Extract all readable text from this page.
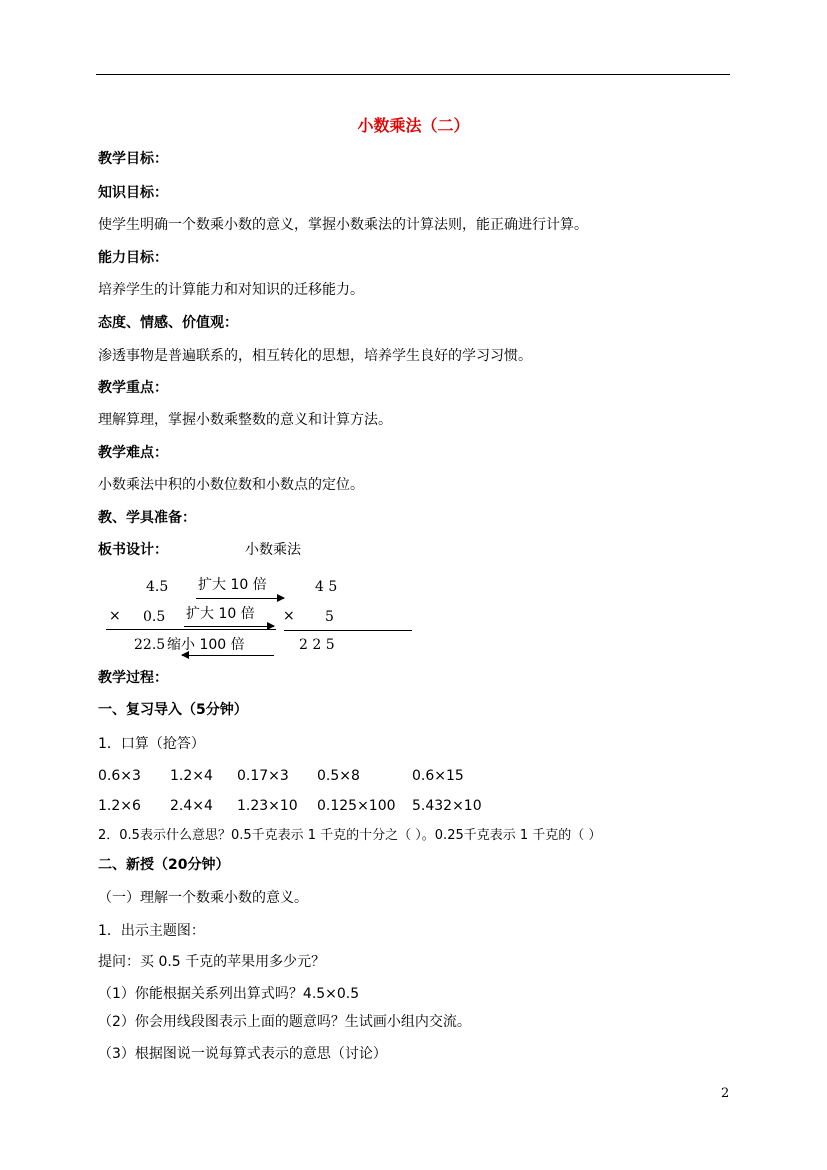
小数乘法（二）
教学目标：
知识目标：
使学生明确一个数乘小数的意义，掌握小数乘法的计算法则，能正确进行计算。
能力目标：
培养学生的计算能力和对知识的迁移能力。
态度、情感、价值观：
渗透事物是普遍联系的，相互转化的思想，培养学生良好的学习习惯。
教学重点：
理解算理，掌握小数乘整数的意义和计算方法。
教学难点：
小数乘法中积的小数位数和小数点的定位。
教、学具准备：
板书设计：	小数乘法
4.5 扩大 10 倍	4 5
× 0.5 扩大 10 倍 × 5
22.5 缩小 100 倍	2 2 5
教学过程：
一、复习导入（5分钟）
1．口算（抢答）
0.6×3 1.2×4 0.17×3 0.5×8	0.6×15
1.2×6 2.4×4 1.23×10 0.125×100 5.432×10
2．0.5表示什么意思？0.5千克表示 1 千克的十分之（ ）。0.25千克表示 1 千克的（ ）
二、新授（20分钟）
（一）理解一个数乘小数的意义。
1．出示主题图：
提问：买 0.5 千克的苹果用多少元？
（1）你能根据关系列出算式吗？4.5×0.5
（2）你会用线段图表示上面的题意吗？生试画小组内交流。
（3）根据图说一说每算式表示的意思（讨论）
2
